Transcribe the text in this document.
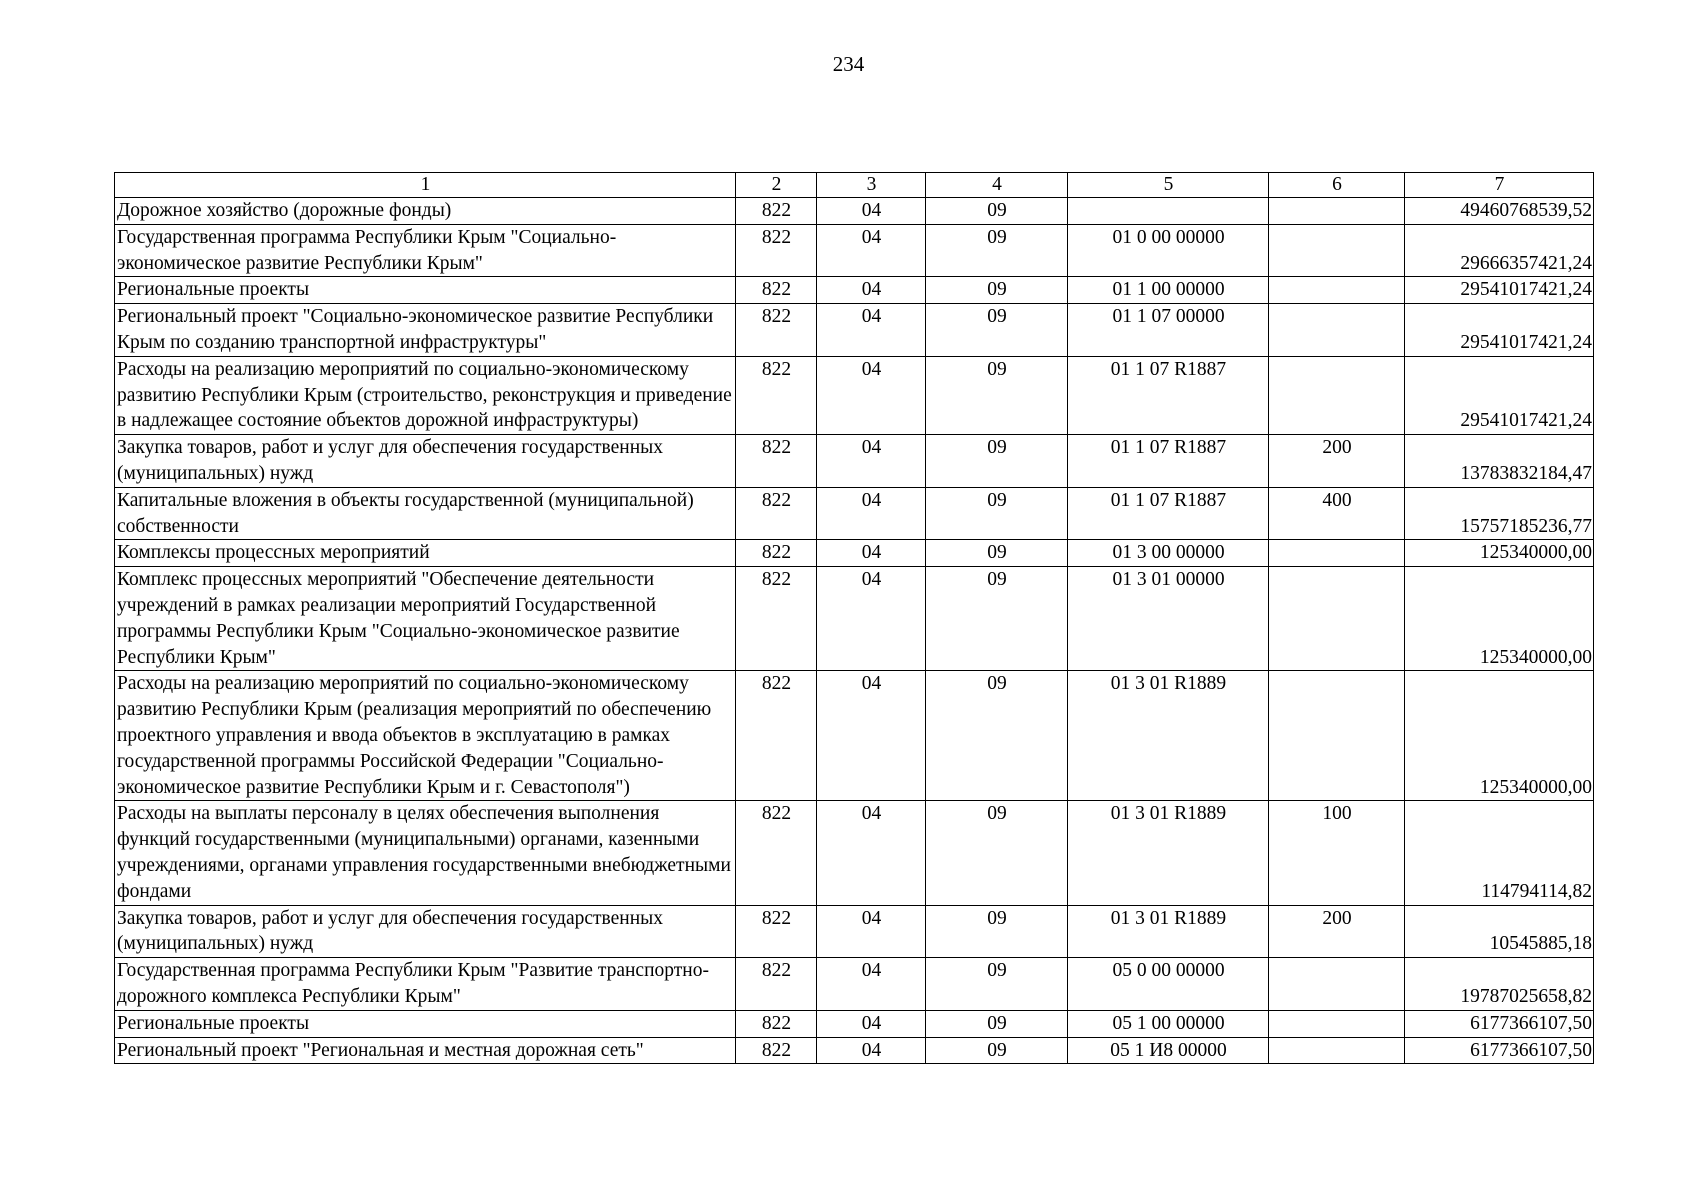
234
1	2	3	4	5	6	7
Дорожное хозяйство (дорожные фонды)	822	04	09			49460768539,52
Государственная программа Республики Крым "Социально-экономическое развитие Республики Крым"	822	04	09	01 0 00 00000		29666357421,24
Региональные проекты	822	04	09	01 1 00 00000		29541017421,24
Региональный проект "Социально-экономическое развитие Республики Крым по созданию транспортной инфраструктуры"	822	04	09	01 1 07 00000		29541017421,24
Расходы на реализацию мероприятий по социально-экономическому развитию Республики Крым (строительство, реконструкция и приведение в надлежащее состояние объектов дорожной инфраструктуры)	822	04	09	01 1 07 R1887		29541017421,24
Закупка товаров, работ и услуг для обеспечения государственных (муниципальных) нужд	822	04	09	01 1 07 R1887	200	13783832184,47
Капитальные вложения в объекты государственной (муниципальной) собственности	822	04	09	01 1 07 R1887	400	15757185236,77
Комплексы процессных мероприятий	822	04	09	01 3 00 00000		125340000,00
Комплекс процессных мероприятий "Обеспечение деятельности учреждений в рамках реализации мероприятий Государственной программы Республики Крым "Социально-экономическое развитие Республики Крым"	822	04	09	01 3 01 00000		125340000,00
Расходы на реализацию мероприятий по социально-экономическому развитию Республики Крым (реализация мероприятий по обеспечению проектного управления и ввода объектов в эксплуатацию в рамках государственной программы Российской Федерации "Социально-экономическое развитие Республики Крым и г. Севастополя")	822	04	09	01 3 01 R1889		125340000,00
Расходы на выплаты персоналу в целях обеспечения выполнения функций государственными (муниципальными) органами, казенными учреждениями, органами управления государственными внебюджетными фондами	822	04	09	01 3 01 R1889	100	114794114,82
Закупка товаров, работ и услуг для обеспечения государственных (муниципальных) нужд	822	04	09	01 3 01 R1889	200	10545885,18
Государственная программа Республики Крым "Развитие транспортно-дорожного комплекса Республики Крым"	822	04	09	05 0 00 00000		19787025658,82
Региональные проекты	822	04	09	05 1 00 00000		6177366107,50
Региональный проект "Региональная и местная дорожная сеть"	822	04	09	05 1 И8 00000		6177366107,50
